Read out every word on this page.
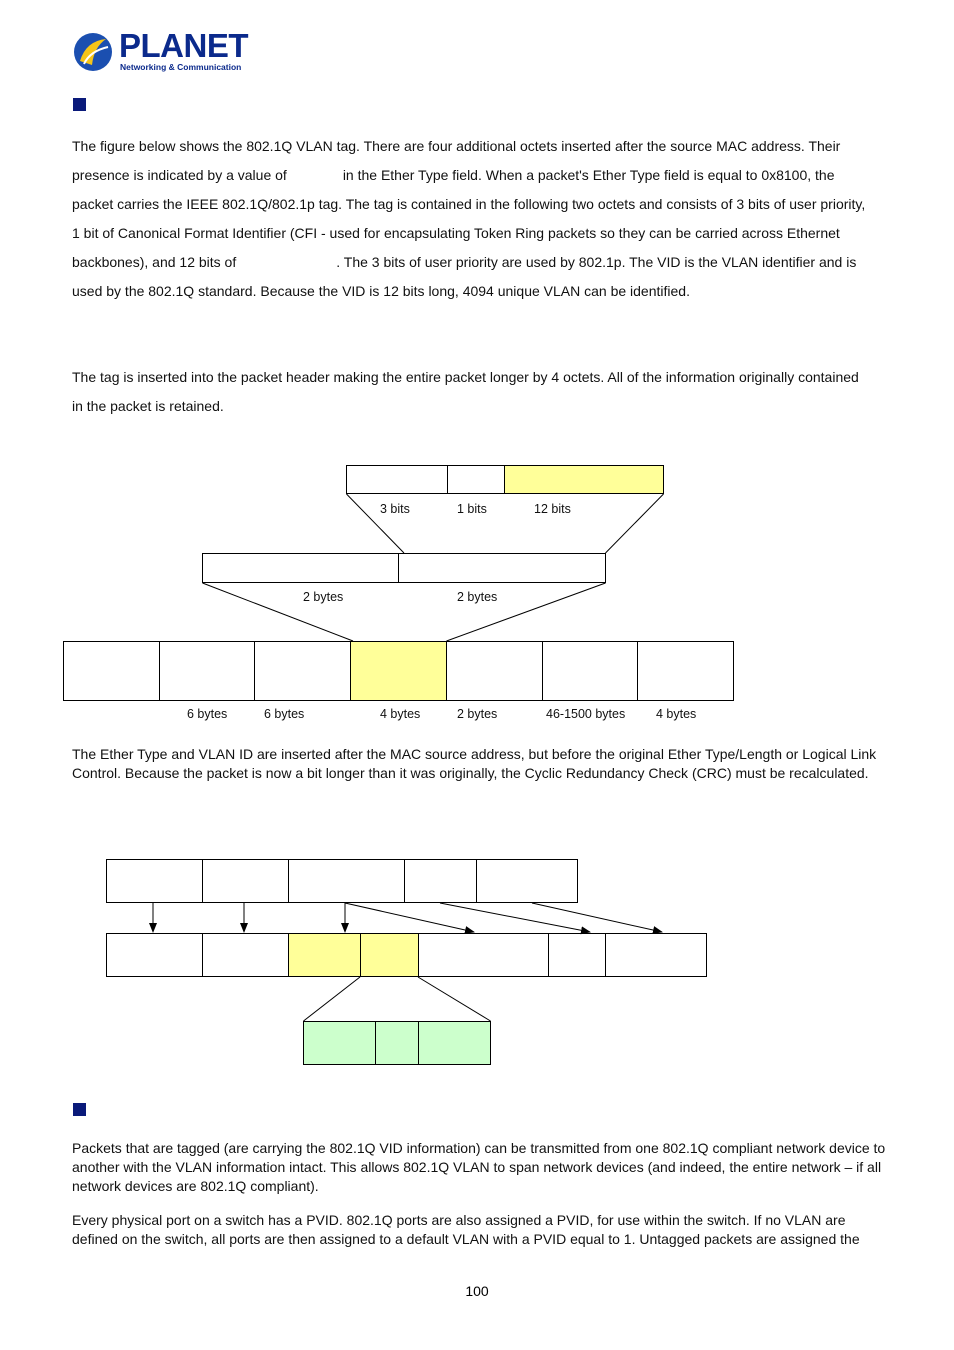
PLANET
Networking & Communication
The figure below shows the 802.1Q VLAN tag. There are four additional octets inserted after the source MAC address. Their
presence is indicated by a value of	in the Ether Type field. When a packet's Ether Type field is equal to 0x8100, the
packet carries the IEEE 802.1Q/802.1p tag. The tag is contained in the following two octets and consists of 3 bits of user priority,
1 bit of Canonical Format Identifier (CFI - used for encapsulating Token Ring packets so they can be carried across Ethernet
backbones), and 12 bits of	. The 3 bits of user priority are used by 802.1p. The VID is the VLAN identifier and is
used by the 802.1Q standard. Because the VID is 12 bits long, 4094 unique VLAN can be identified.
The tag is inserted into the packet header making the entire packet longer by 4 octets. All of the information originally contained
in the packet is retained.
3 bits	1 bits	12 bits
2 bytes	2 bytes
6 bytes	6 bytes	4 bytes	2 bytes	46-1500 bytes 4 bytes
The Ether Type and VLAN ID are inserted after the MAC source address, but before the original Ether Type/Length or Logical Link Control. Because the packet is now a bit longer than it was originally, the Cyclic Redundancy Check (CRC) must be recalculated.
Packets that are tagged (are carrying the 802.1Q VID information) can be transmitted from one 802.1Q compliant network device to another with the VLAN information intact. This allows 802.1Q VLAN to span network devices (and indeed, the entire network – if all network devices are 802.1Q compliant).
Every physical port on a switch has a PVID. 802.1Q ports are also assigned a PVID, for use within the switch. If no VLAN are defined on the switch, all ports are then assigned to a default VLAN with a PVID equal to 1. Untagged packets are assigned the
100
